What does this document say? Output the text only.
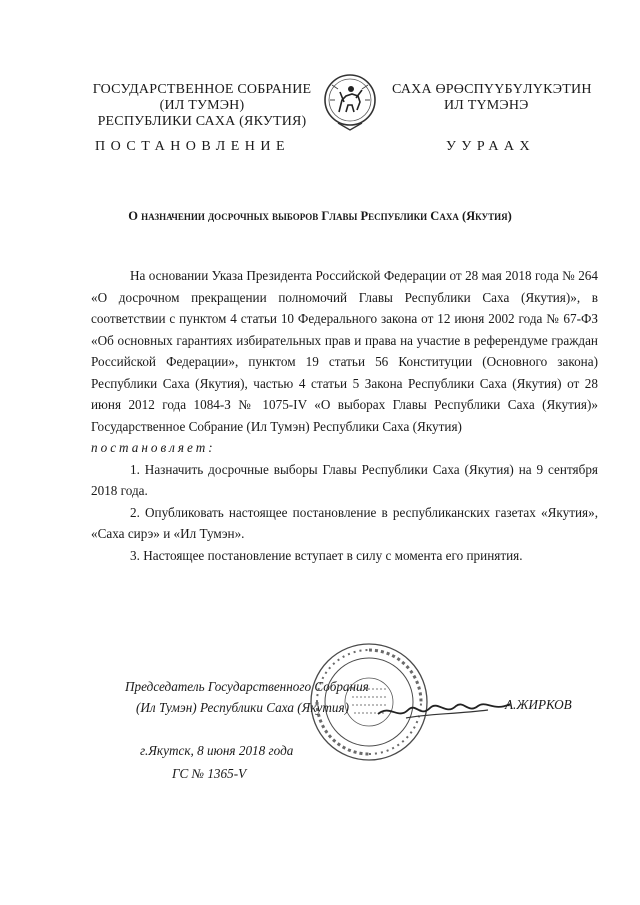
ГОСУДАРСТВЕННОЕ СОБРАНИЕ
(ИЛ ТУМЭН)
РЕСПУБЛИКИ САХА (ЯКУТИЯ)
САХА ӨРӨСПҮҮБҮЛҮКЭТИН
ИЛ ТҮМЭНЭ
ПОСТАНОВЛЕНИЕ	УУРААХ
О назначении досрочных выборов Главы Республики Саха (Якутия)

На основании Указа Президента Российской Федерации от 28 мая 2018 года № 264 «О досрочном прекращении полномочий Главы Республики Саха (Якутия)», в соответствии с пунктом 4 статьи 10 Федерального закона от 12 июня 2002 года № 67-ФЗ «Об основных гарантиях избирательных прав и права на участие в референдуме граждан Российской Федерации», пунктом 19 статьи 56 Конституции (Основного закона) Республики Саха (Якутия), частью 4 статьи 5 Закона Республики Саха (Якутия) от 28 июня 2012 года 1084-З № 1075-IV «О выборах Главы Республики Саха (Якутия)» Государственное Собрание (Ил Тумэн) Республики Саха (Якутия)

постановляет:

1. Назначить досрочные выборы Главы Республики Саха (Якутия) на 9 сентября 2018 года.

2. Опубликовать настоящее постановление в республиканских газетах «Якутия», «Саха сирэ» и «Ил Тумэн».

3. Настоящее постановление вступает в силу с момента его принятия.

Председатель Государственного Собрания
(Ил Тумэн) Республики Саха (Якутия)	А.ЖИРКОВ
г.Якутск, 8 июня 2018 года
ГС № 1365-V
